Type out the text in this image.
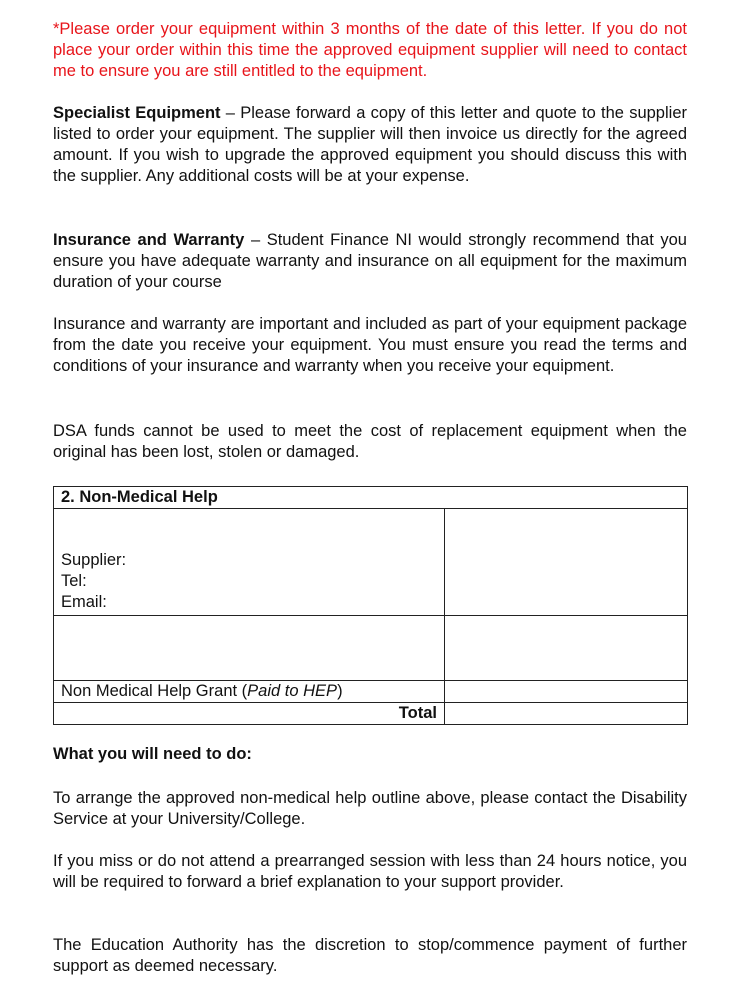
*Please order your equipment within 3 months of the date of this letter. If you do not place your order within this time the approved equipment supplier will need to contact me to ensure you are still entitled to the equipment.

Specialist Equipment – Please forward a copy of this letter and quote to the supplier listed to order your equipment. The supplier will then invoice us directly for the agreed amount. If you wish to upgrade the approved equipment you should discuss this with the supplier. Any additional costs will be at your expense.

Insurance and Warranty – Student Finance NI would strongly recommend that you ensure you have adequate warranty and insurance on all equipment for the maximum duration of your course

Insurance and warranty are important and included as part of your equipment package from the date you receive your equipment. You must ensure you read the terms and conditions of your insurance and warranty when you receive your equipment.

DSA funds cannot be used to meet the cost of replacement equipment when the original has been lost, stolen or damaged.

2. Non-Medical Help	

Supplier:
Tel:
Email:	

Non Medical Help Grant (Paid to HEP)	
Total	

What you will need to do:

To arrange the approved non-medical help outline above, please contact the Disability Service at your University/College.

If you miss or do not attend a prearranged session with less than 24 hours notice, you will be required to forward a brief explanation to your support provider.

The Education Authority has the discretion to stop/commence payment of further support as deemed necessary.
